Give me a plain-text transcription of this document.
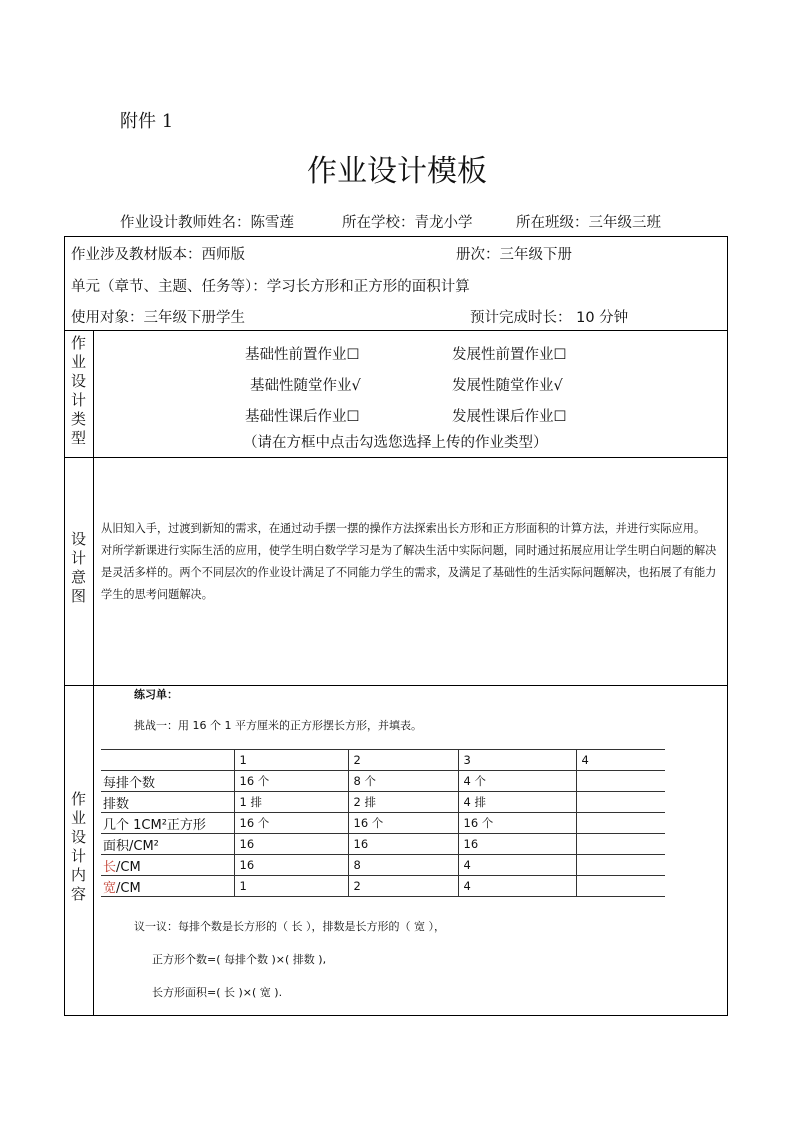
附件 1
作业设计模板
作业设计教师姓名：陈雪莲	所在学校：青龙小学	所在班级：三年级三班
作业涉及教材版本：西师版	册次：三年级下册
单元（章节、主题、任务等）：学习长方形和正方形的面积计算
使用对象：三年级下册学生	预计完成时长： 10 分钟
作
业
设
计
类
型
基础性前置作业☐	发展性前置作业☐
基础性随堂作业√	发展性随堂作业√
基础性课后作业☐	发展性课后作业☐
（请在方框中点击勾选您选择上传的作业类型）
设
计
意
图
从旧知入手，过渡到新知的需求，在通过动手摆一摆的操作方法探索出长方形和正方形面积的计算方法，并进行实际应用。
对所学新课进行实际生活的应用，使学生明白数学学习是为了解决生活中实际问题，同时通过拓展应用让学生明白问题的解决是灵活多样的。两个不同层次的作业设计满足了不同能力学生的需求，及满足了基础性的生活实际问题解决，也拓展了有能力学生的思考问题解决。
作
业
设
计
内
容
练习单：
挑战一：用 16 个 1 平方厘米的正方形摆长方形，并填表。
	1	2	3	4
每排个数	16 个	8 个	4 个	
排数	1 排	2 排	4 排	
几个 1CM²正方形	16 个	16 个	16 个	
面积/CM²	16	16	16	
长/CM	16	8	4	
宽/CM	1	2	4	
议一议：每排个数是长方形的（ 长 ），排数是长方形的（ 宽 ），
正方形个数=( 每排个数 )×( 排数 ),
长方形面积=( 长 )×( 宽 ).
